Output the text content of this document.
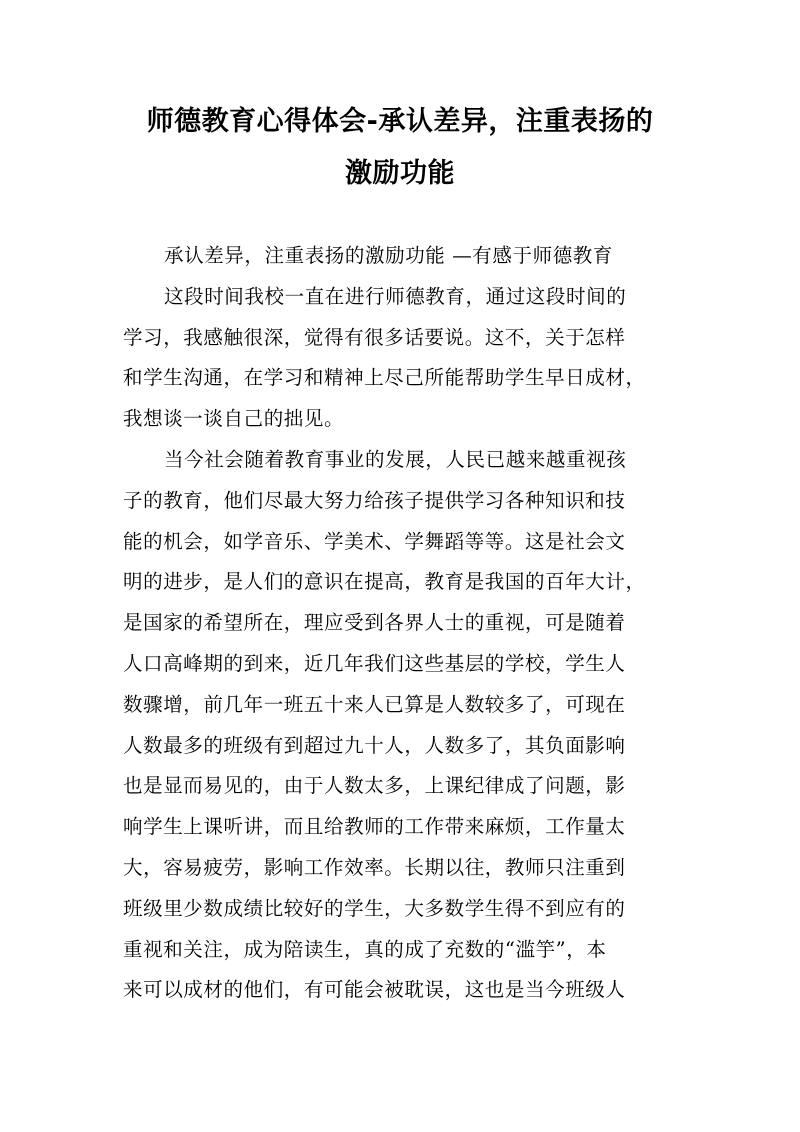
师德教育心得体会-承认差异，注重表扬的
激励功能
承认差异，注重表扬的激励功能 —有感于师德教育
这段时间我校一直在进行师德教育，通过这段时间的
学习，我感触很深，觉得有很多话要说。这不，关于怎样
和学生沟通，在学习和精神上尽己所能帮助学生早日成材，
我想谈一谈自己的拙见。
当今社会随着教育事业的发展，人民已越来越重视孩
子的教育，他们尽最大努力给孩子提供学习各种知识和技
能的机会，如学音乐、学美术、学舞蹈等等。这是社会文
明的进步，是人们的意识在提高，教育是我国的百年大计，
是国家的希望所在，理应受到各界人士的重视，可是随着
人口高峰期的到来，近几年我们这些基层的学校，学生人
数骤增，前几年一班五十来人已算是人数较多了，可现在
人数最多的班级有到超过九十人，人数多了，其负面影响
也是显而易见的，由于人数太多，上课纪律成了问题，影
响学生上课听讲，而且给教师的工作带来麻烦，工作量太
大，容易疲劳，影响工作效率。长期以往，教师只注重到
班级里少数成绩比较好的学生，大多数学生得不到应有的
重视和关注，成为陪读生，真的成了充数的“滥竽”，本
来可以成材的他们，有可能会被耽误，这也是当今班级人
